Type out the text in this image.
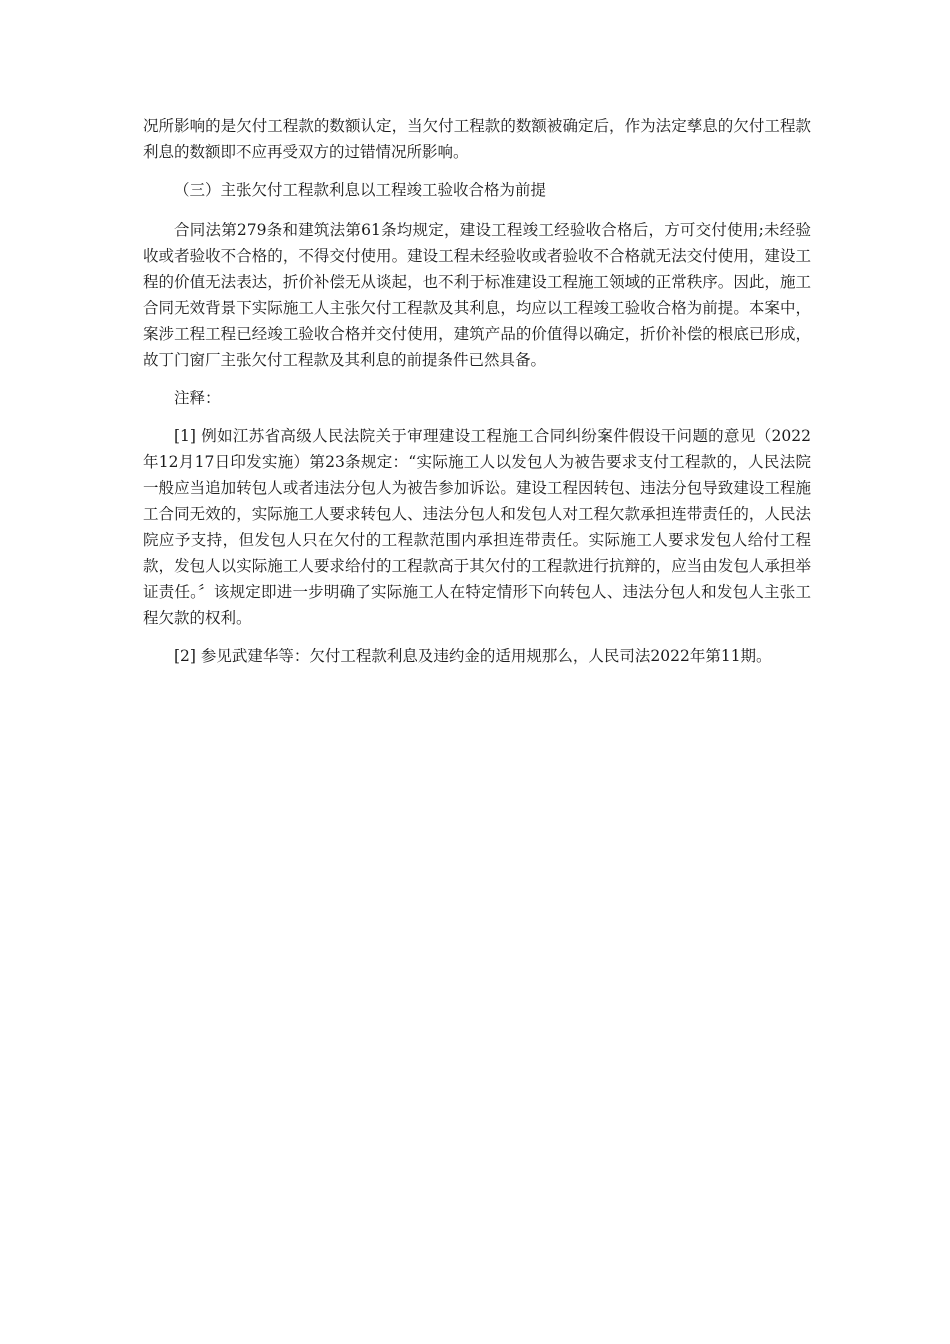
况所影响的是欠付工程款的数额认定，当欠付工程款的数额被确定后，作为法定孳息的欠付工程款利息的数额即不应再受双方的过错情况所影响。

（三）主张欠付工程款利息以工程竣工验收合格为前提

合同法第279条和建筑法第61条均规定，建设工程竣工经验收合格后，方可交付使用;未经验收或者验收不合格的，不得交付使用。建设工程未经验收或者验收不合格就无法交付使用，建设工程的价值无法表达，折价补偿无从谈起，也不利于标准建设工程施工领域的正常秩序。因此，施工合同无效背景下实际施工人主张欠付工程款及其利息，均应以工程竣工验收合格为前提。本案中，案涉工程工程已经竣工验收合格并交付使用，建筑产品的价值得以确定，折价补偿的根底已形成，故丁门窗厂主张欠付工程款及其利息的前提条件已然具备。

注释：

[1] 例如江苏省高级人民法院关于审理建设工程施工合同纠纷案件假设干问题的意见（2022年12月17日印发实施）第23条规定：“实际施工人以发包人为被告要求支付工程款的，人民法院一般应当追加转包人或者违法分包人为被告参加诉讼。建设工程因转包、违法分包导致建设工程施工合同无效的，实际施工人要求转包人、违法分包人和发包人对工程欠款承担连带责任的，人民法院应予支持，但发包人只在欠付的工程款范围内承担连带责任。实际施工人要求发包人给付工程款，发包人以实际施工人要求给付的工程款高于其欠付的工程款进行抗辩的，应当由发包人承担举证责任。〞该规定即进一步明确了实际施工人在特定情形下向转包人、违法分包人和发包人主张工程欠款的权利。

[2] 参见武建华等：欠付工程款利息及违约金的适用规那么，人民司法2022年第11期。
